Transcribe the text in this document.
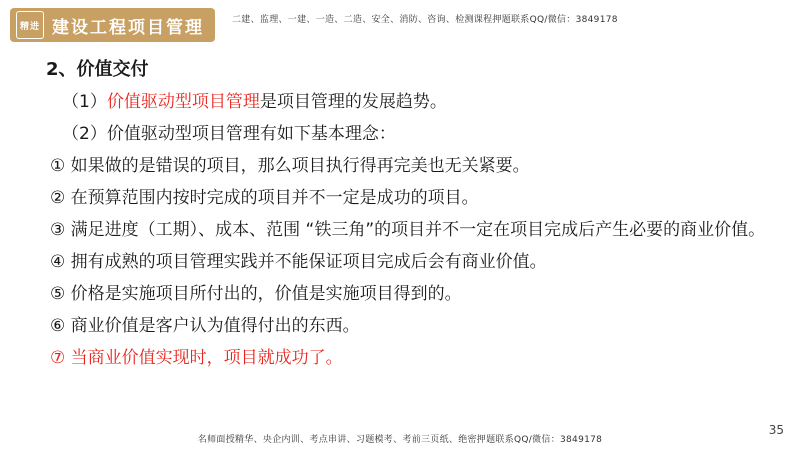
精进 建设工程项目管理	二建、监理、一建、一造、二造、安全、消防、咨询、检测课程押题联系QQ/微信：3849178
2、价值交付
（1）价值驱动型项目管理是项目管理的发展趋势。
（2）价值驱动型项目管理有如下基本理念：
① 如果做的是错误的项目，那么项目执行得再完美也无关紧要。
② 在预算范围内按时完成的项目并不一定是成功的项目。
③ 满足进度（工期）、成本、范围 “铁三角”的项目并不一定在项目完成后产生必要的商业价值。
④ 拥有成熟的项目管理实践并不能保证项目完成后会有商业价值。
⑤ 价格是实施项目所付出的，价值是实施项目得到的。
⑥ 商业价值是客户认为值得付出的东西。
⑦ 当商业价值实现时，项目就成功了。
35
名师面授精华、央企内训、考点串讲、习题模考、考前三页纸、绝密押题联系QQ/微信：3849178
